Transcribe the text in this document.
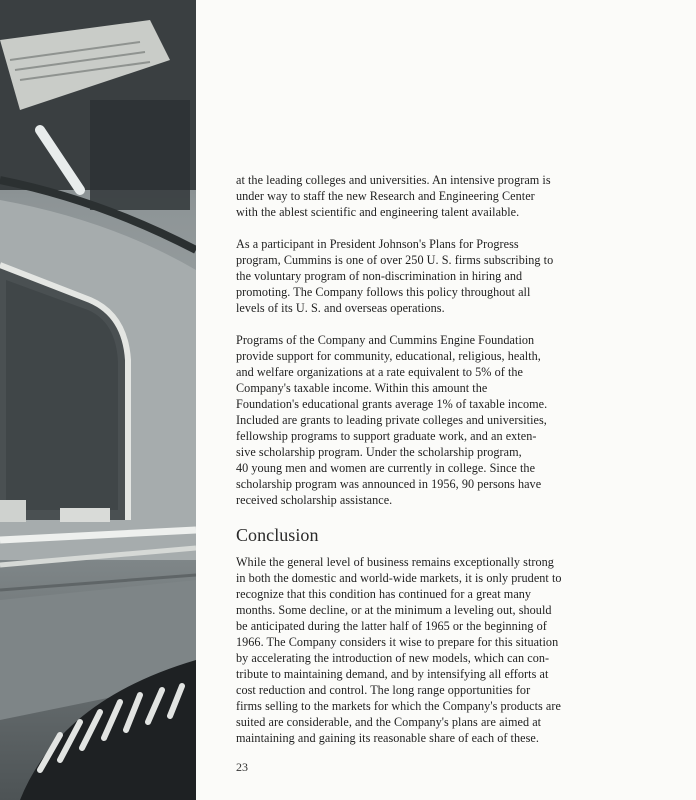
at the leading colleges and universities. An intensive program is
under way to staff the new Research and Engineering Center
with the ablest scientific and engineering talent available.

As a participant in President Johnson's Plans for Progress
program, Cummins is one of over 250 U. S. firms subscribing to
the voluntary program of non-discrimination in hiring and
promoting. The Company follows this policy throughout all
levels of its U. S. and overseas operations.

Programs of the Company and Cummins Engine Foundation
provide support for community, educational, religious, health,
and welfare organizations at a rate equivalent to 5% of the
Company's taxable income. Within this amount the
Foundation's educational grants average 1% of taxable income.
Included are grants to leading private colleges and universities,
fellowship programs to support graduate work, and an exten-
sive scholarship program. Under the scholarship program,
40 young men and women are currently in college. Since the
scholarship program was announced in 1956, 90 persons have
received scholarship assistance.

Conclusion

While the general level of business remains exceptionally strong
in both the domestic and world-wide markets, it is only prudent to
recognize that this condition has continued for a great many
months. Some decline, or at the minimum a leveling out, should
be anticipated during the latter half of 1965 or the beginning of
1966. The Company considers it wise to prepare for this situation
by accelerating the introduction of new models, which can con-
tribute to maintaining demand, and by intensifying all efforts at
cost reduction and control. The long range opportunities for
firms selling to the markets for which the Company's products are
suited are considerable, and the Company's plans are aimed at
maintaining and gaining its reasonable share of each of these.

23
